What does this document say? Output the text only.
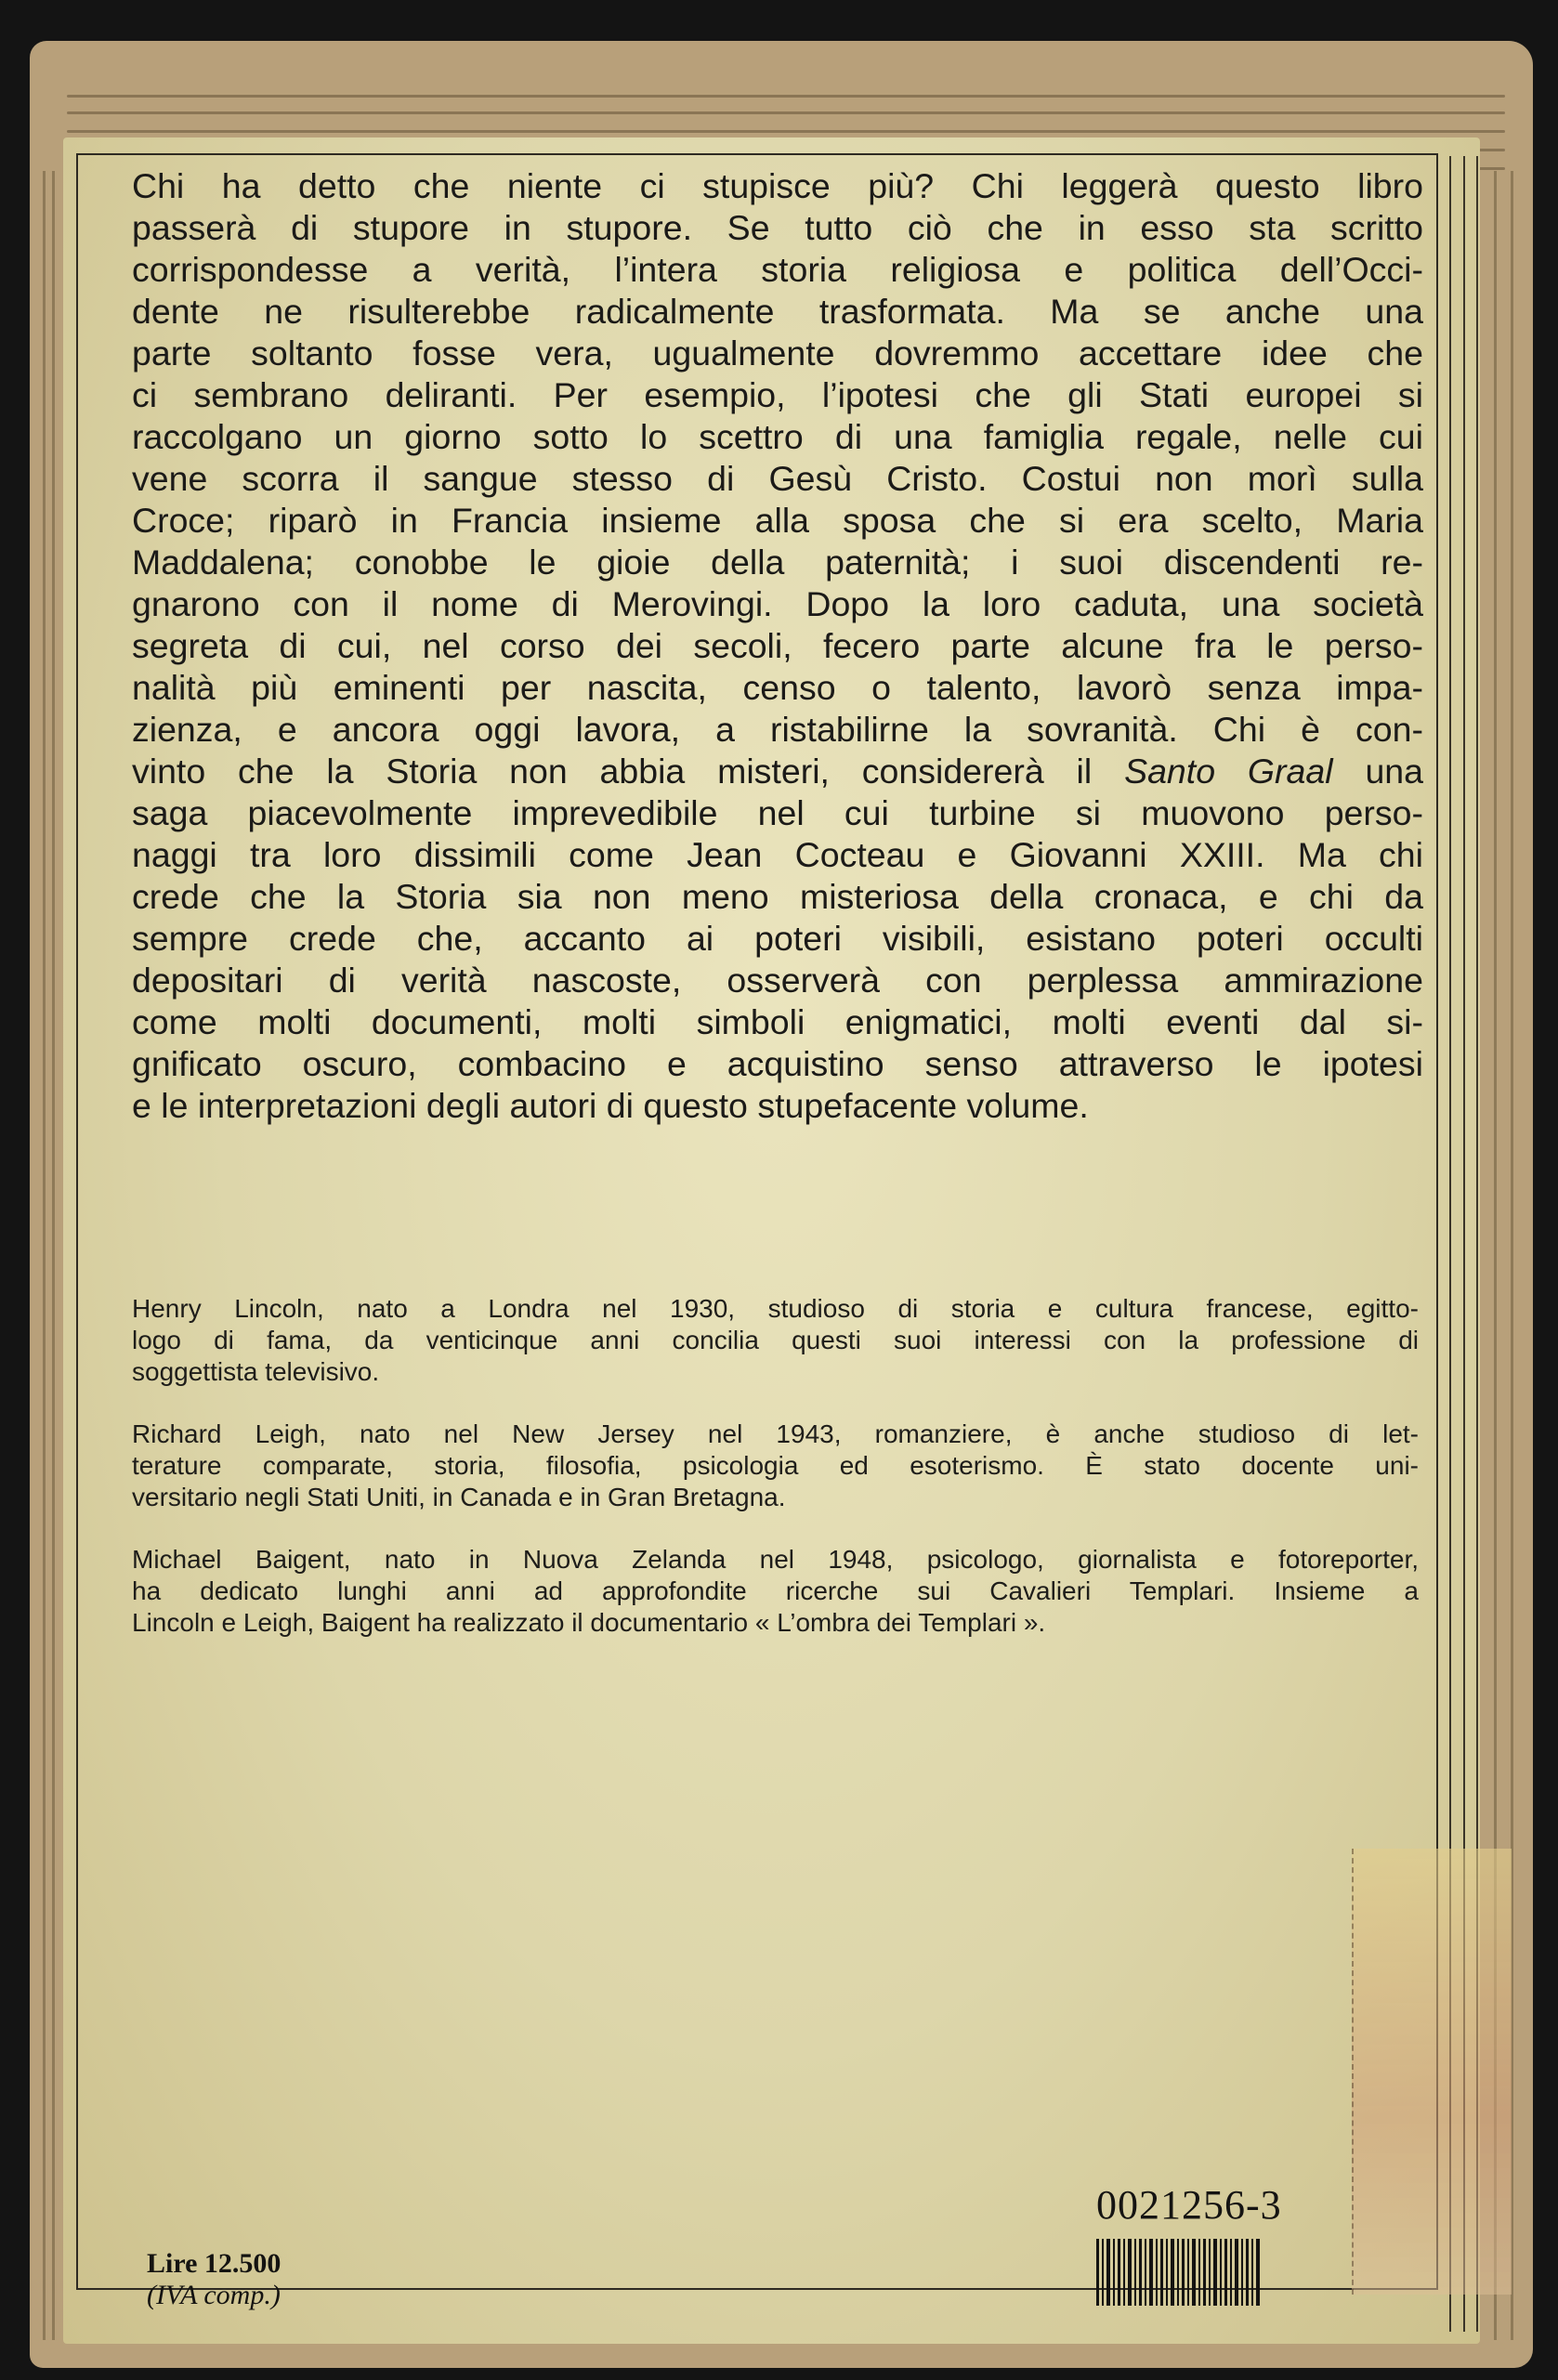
Chi ha detto che niente ci stupisce più? Chi leggerà questo libro
passerà di stupore in stupore. Se tutto ciò che in esso sta scritto
corrispondesse a verità, l’intera storia religiosa e politica dell’Occi-
dente ne risulterebbe radicalmente trasformata. Ma se anche una
parte soltanto fosse vera, ugualmente dovremmo accettare idee che
ci sembrano deliranti. Per esempio, l’ipotesi che gli Stati europei si
raccolgano un giorno sotto lo scettro di una famiglia regale, nelle cui
vene scorra il sangue stesso di Gesù Cristo. Costui non morì sulla
Croce; riparò in Francia insieme alla sposa che si era scelto, Maria
Maddalena; conobbe le gioie della paternità; i suoi discendenti re-
gnarono con il nome di Merovingi. Dopo la loro caduta, una società
segreta di cui, nel corso dei secoli, fecero parte alcune fra le perso-
nalità più eminenti per nascita, censo o talento, lavorò senza impa-
zienza, e ancora oggi lavora, a ristabilirne la sovranità. Chi è con-
vinto che la Storia non abbia misteri, considererà il Santo Graal una
saga piacevolmente imprevedibile nel cui turbine si muovono perso-
naggi tra loro dissimili come Jean Cocteau e Giovanni XXIII. Ma chi
crede che la Storia sia non meno misteriosa della cronaca, e chi da
sempre crede che, accanto ai poteri visibili, esistano poteri occulti
depositari di verità nascoste, osserverà con perplessa ammirazione
come molti documenti, molti simboli enigmatici, molti eventi dal si-
gnificato oscuro, combacino e acquistino senso attraverso le ipotesi
e le interpretazioni degli autori di questo stupefacente volume.
Henry Lincoln, nato a Londra nel 1930, studioso di storia e cultura francese, egitto-
logo di fama, da venticinque anni concilia questi suoi interessi con la professione di
soggettista televisivo.
Richard Leigh, nato nel New Jersey nel 1943, romanziere, è anche studioso di let-
terature comparate, storia, filosofia, psicologia ed esoterismo. È stato docente uni-
versitario negli Stati Uniti, in Canada e in Gran Bretagna.
Michael Baigent, nato in Nuova Zelanda nel 1948, psicologo, giornalista e fotoreporter,
ha dedicato lunghi anni ad approfondite ricerche sui Cavalieri Templari. Insieme a
Lincoln e Leigh, Baigent ha realizzato il documentario « L’ombra dei Templari ».
Lire 12.500
(IVA comp.)
0021256-3
